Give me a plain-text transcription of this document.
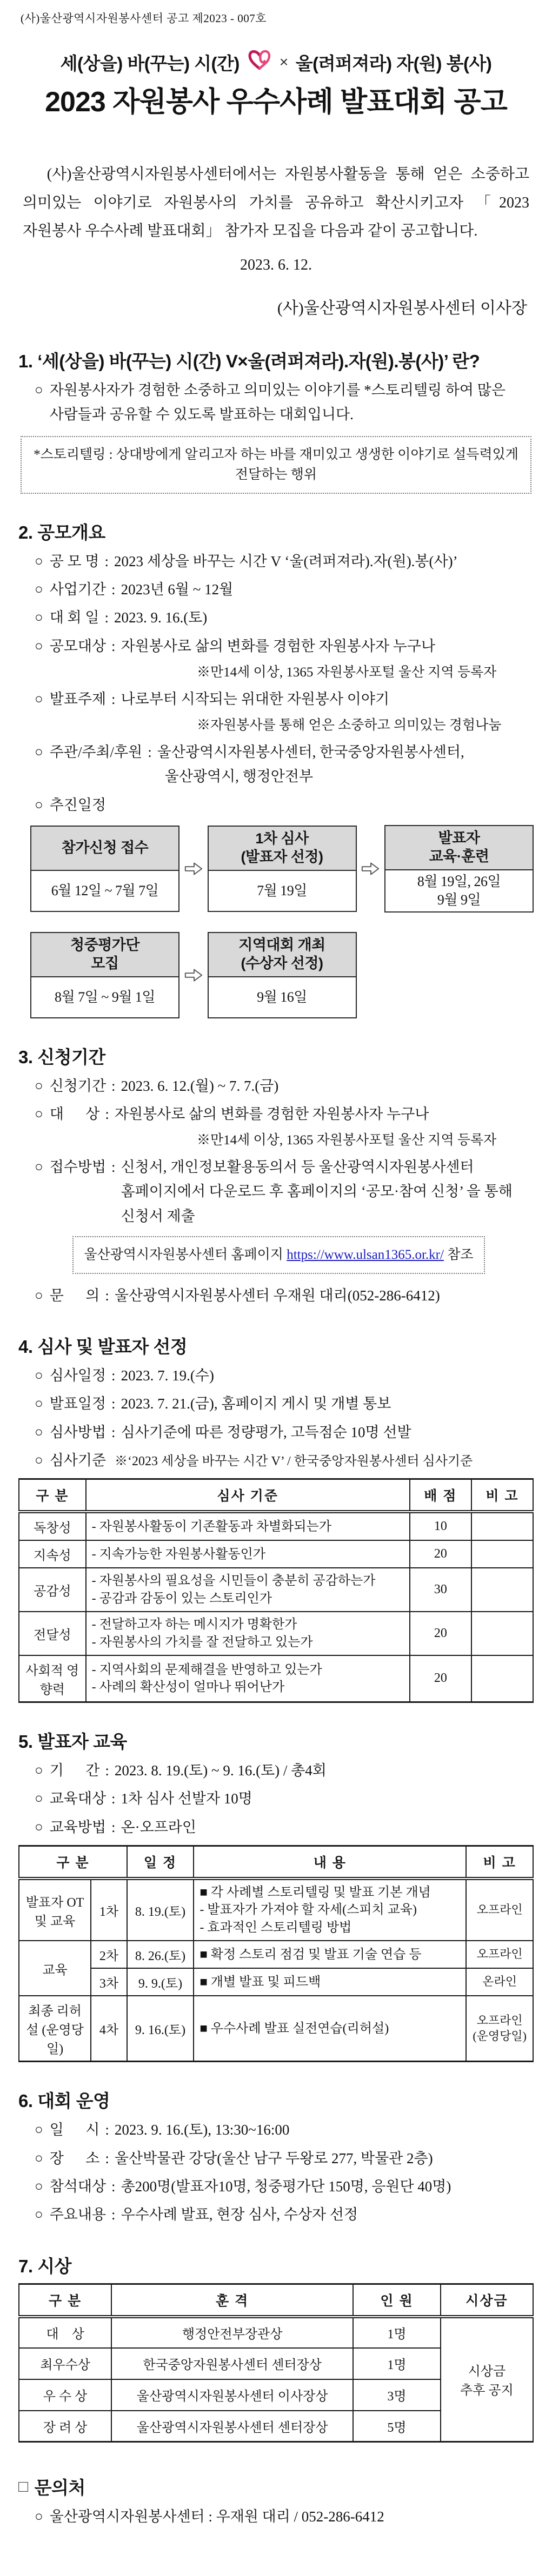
(사)울산광역시자원봉사센터 공고 제2023 - 007호
세(상을) 바(꾸는) 시(간)	× 울(려퍼져라) 자(원) 봉(사)
2023 자원봉사 우수사례 발표대회 공고

(사)울산광역시자원봉사센터에서는 자원봉사활동을 통해 얻은 소중하고 의미있는 이야기로 자원봉사의 가치를 공유하고 확산시키고자 「2023 자원봉사 우수사례 발표대회」 참가자 모집을 다음과 같이 공고합니다.

2023. 6. 12.
(사)울산광역시자원봉사센터 이사장
1. ‘세(상을) 바(꾸는) 시(간) V×울(려퍼져라).자(원).봉(사)’ 란?
○ 자원봉사자가 경험한 소중하고 의미있는 이야기를 *스토리텔링 하여 많은 사람들과 공유할 수 있도록 발표하는 대회입니다.
*스토리텔링 : 상대방에게 알리고자 하는 바를 재미있고 생생한 이야기로 설득력있게 전달하는 행위
2. 공모개요
○ 공 모 명 : 2023 세상을 바꾸는 시간 V ‘울(려퍼져라).자(원).봉(사)’
○ 사업기간 : 2023년 6월 ~ 12월
○ 대 회 일 : 2023. 9. 16.(토)
○ 공모대상 : 자원봉사로 삶의 변화를 경험한 자원봉사자 누구나
※만14세 이상, 1365 자원봉사포털 울산 지역 등록자
○ 발표주제 : 나로부터 시작되는 위대한 자원봉사 이야기
※자원봉사를 통해 얻은 소중하고 의미있는 경험나눔
○ 주관/주최/후원 : 울산광역시자원봉사센터, 한국중앙자원봉사센터,
울산광역시, 행정안전부
○ 추진일정
참가신청 접수
6월 12일 ~ 7월 7일
1차 심사
(발표자 선정)
7월 19일
발표자
교육·훈련
8월 19일, 26일
9월 9일
청중평가단
모집
8월 7일 ~ 9월 1일
지역대회 개최
(수상자 선정)
9월 16일
3. 신청기간
○ 신청기간 : 2023. 6. 12.(월) ~ 7. 7.(금)
○ 대      상 : 자원봉사로 삶의 변화를 경험한 자원봉사자 누구나
※만14세 이상, 1365 자원봉사포털 울산 지역 등록자
○ 접수방법 : 신청서, 개인정보활용동의서 등 울산광역시자원봉사센터 홈페이지에서 다운로드 후 홈페이지의 ‘공모·참여 신청’ 을 통해 신청서 제출
울산광역시자원봉사센터 홈페이지 https://www.ulsan1365.or.kr/ 참조
○ 문      의 : 울산광역시자원봉사센터 우재원 대리(052-286-6412)
4. 심사 및 발표자 선정
○ 심사일정 : 2023. 7. 19.(수)
○ 발표일정 : 2023. 7. 21.(금), 홈페이지 게시 및 개별 통보
○ 심사방법 : 심사기준에 따른 정량평가, 고득점순 10명 선발
○ 심사기준 ※‘2023 세상을 바꾸는 시간 V’ / 한국중앙자원봉사센터 심사기준
구 분	심사 기준	배 점	비 고
독창성	- 자원봉사활동이 기존활동과 차별화되는가	10	
지속성	- 지속가능한 자원봉사활동인가	20	
공감성	- 자원봉사의 필요성을 시민들이 충분히 공감하는가
- 공감과 감동이 있는 스토리인가	30	
전달성	- 전달하고자 하는 메시지가 명확한가
- 자원봉사의 가치를 잘 전달하고 있는가	20	
사회적 영향력	- 지역사회의 문제해결을 반영하고 있는가
- 사례의 확산성이 얼마나 뛰어난가	20	
5. 발표자 교육
○ 기      간 : 2023. 8. 19.(토) ~ 9. 16.(토) / 총4회
○ 교육대상 : 1차 심사 선발자 10명
○ 교육방법 : 온·오프라인
구 분		일 정	내 용	비 고
발표자 OT 및 교육	1차	8. 19.(토)	■ 각 사례별 스토리텔링 및 발표 기본 개념
- 발표자가 가져야 할 자세(스피치 교육)
- 효과적인 스토리텔링 방법	오프라인
교육	2차	8. 26.(토)	■ 확정 스토리 점검 및 발표 기술 연습 등	오프라인
	3차	9. 9.(토)	■ 개별 발표 및 피드백	온라인
최종 리허설 (운영당일)	4차	9. 16.(토)	■ 우수사례 발표 실전연습(리허설)	오프라인
(운영당일)
6. 대회 운영
○ 일      시 : 2023. 9. 16.(토), 13:30~16:00
○ 장      소 : 울산박물관 강당(울산 남구 두왕로 277, 박물관 2층)
○ 참석대상 : 총200명(발표자10명, 청중평가단 150명, 응원단 40명)
○ 주요내용 : 우수사례 발표, 현장 심사, 수상자 선정
7. 시상
구 분	훈 격	인 원	시상금
대    상	행정안전부장관상	1명	시상금
추후 공지

최우수상	한국중앙자원봉사센터 센터장상	1명	
우 수 상	울산광역시자원봉사센터 이사장상	3명	
장 려 상	울산광역시자원봉사센터 센터장상	5명	
□ 문의처
○ 울산광역시자원봉사센터 : 우재원 대리 / 052-286-6412
